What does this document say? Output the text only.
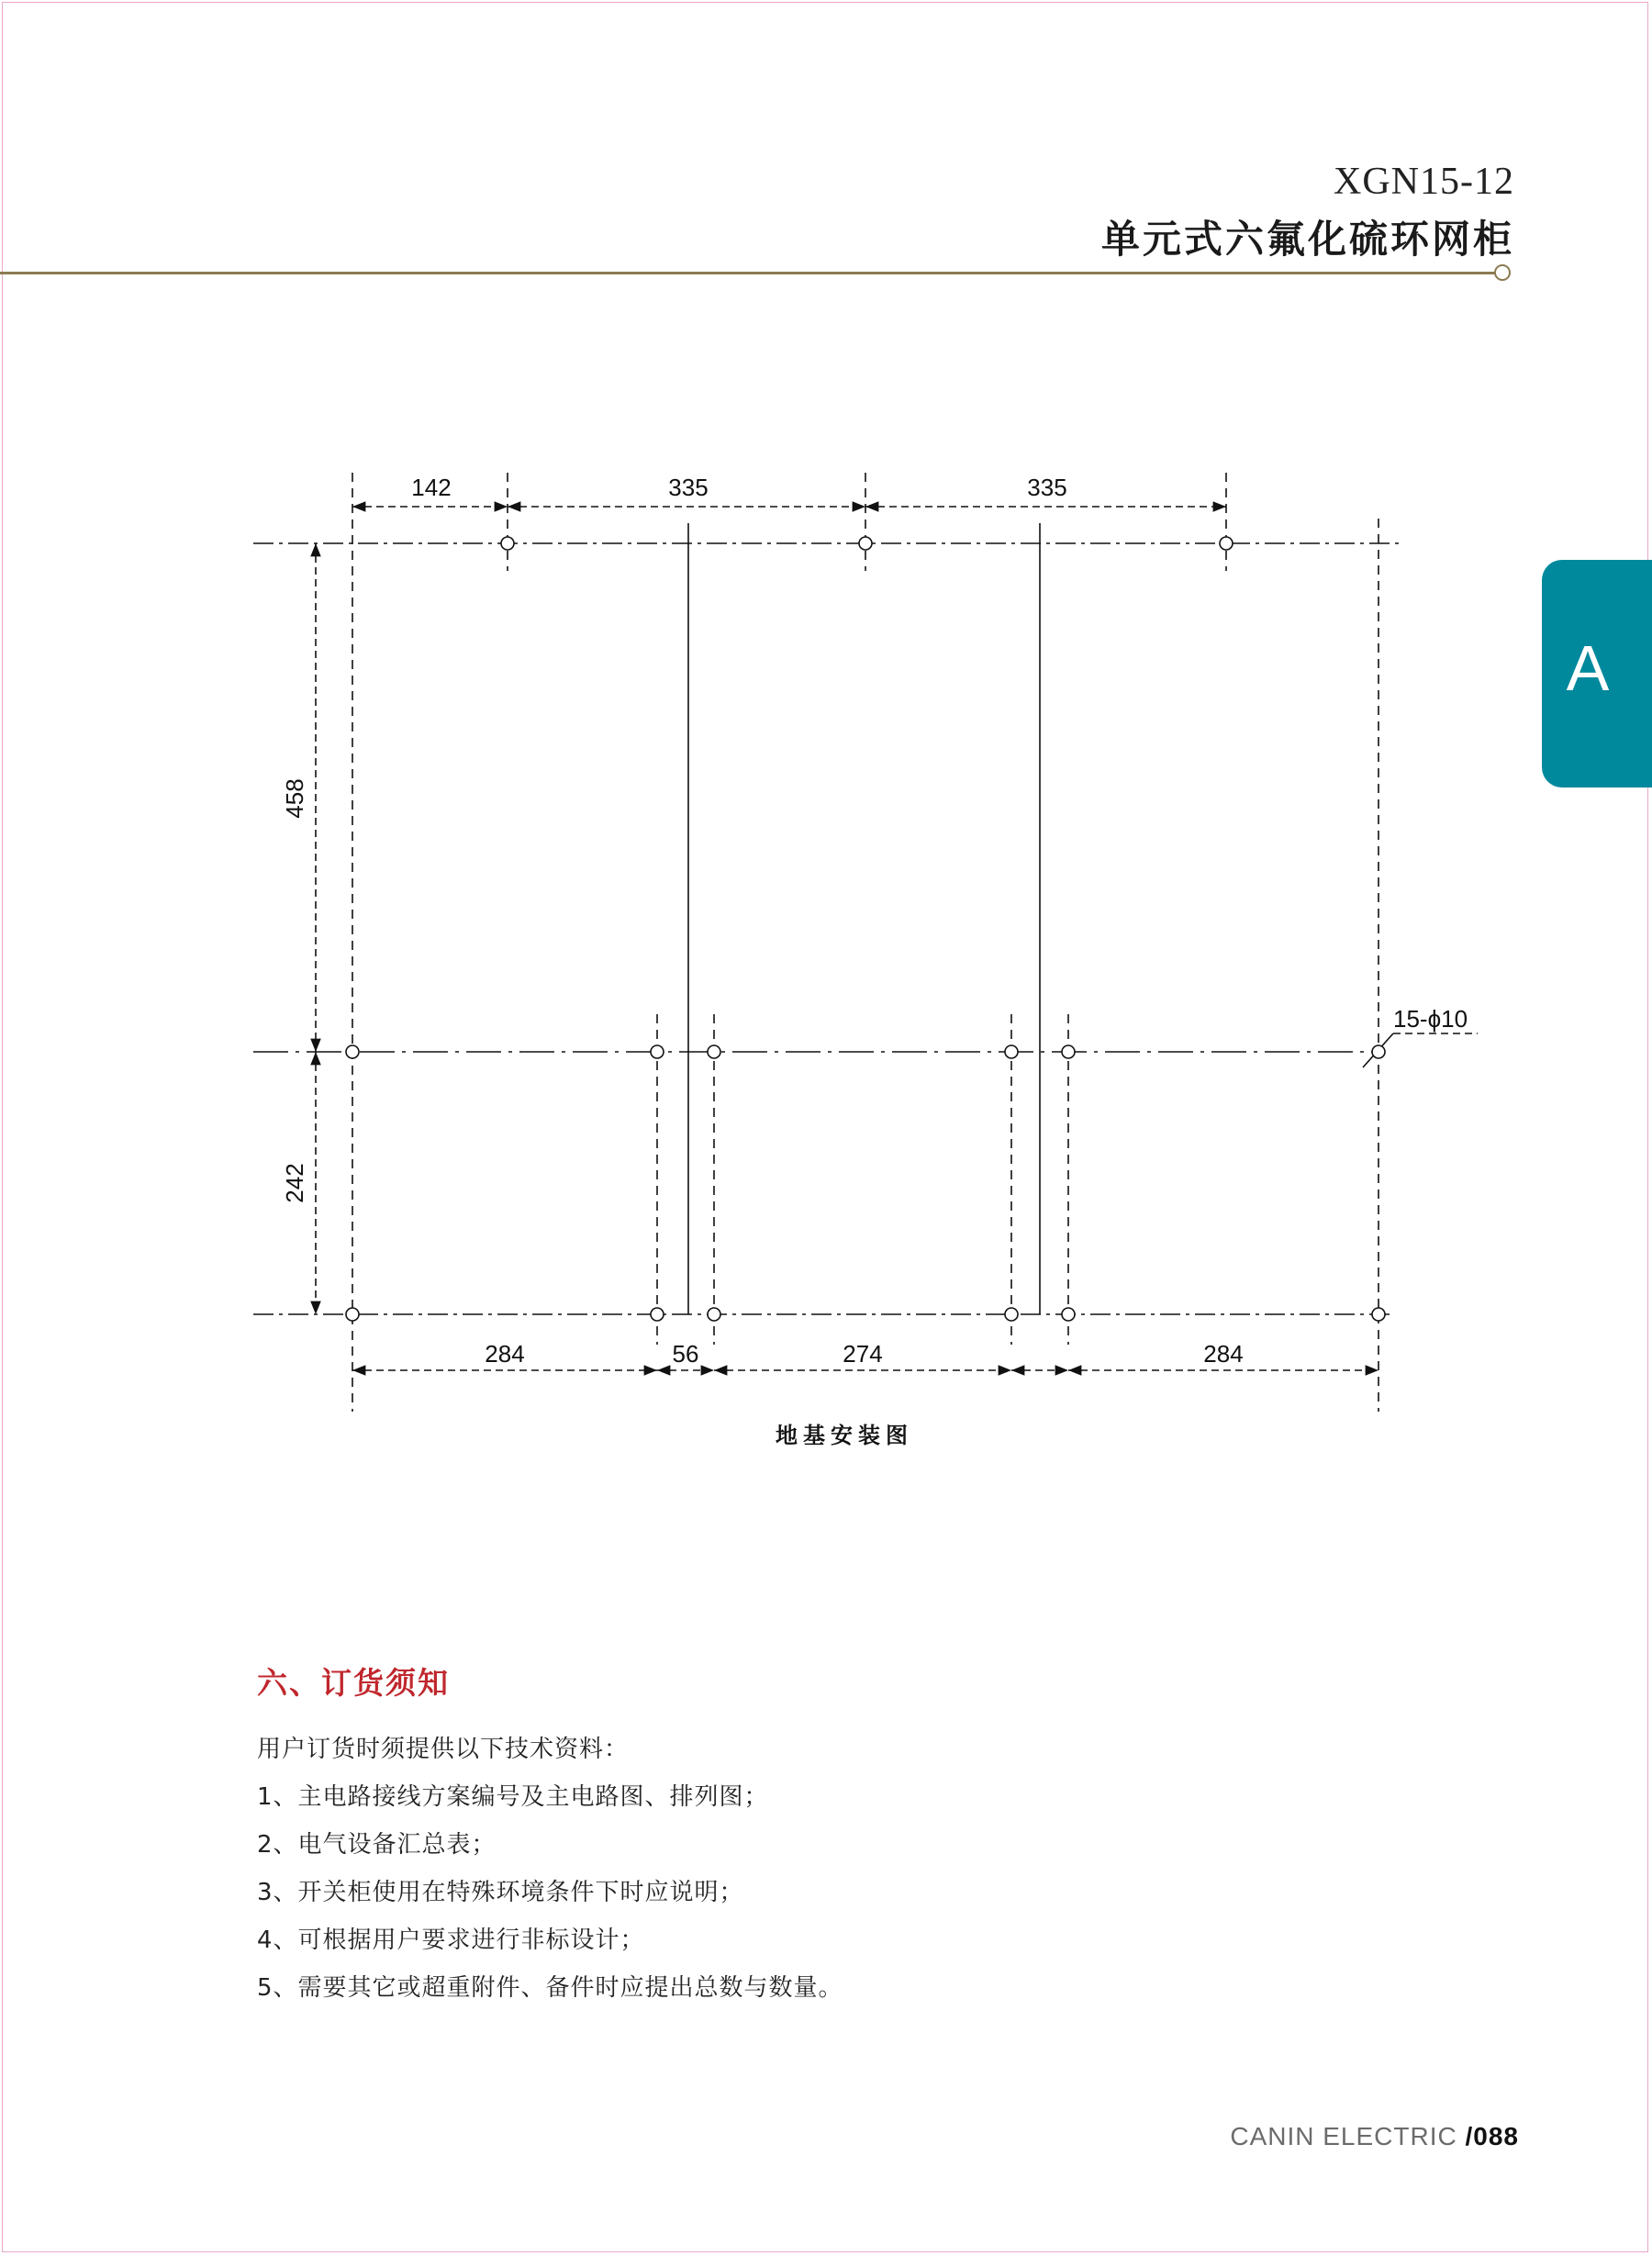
XGN15-12
单元式六氟化硫环网柜
A
142	335	335
458
242
284	56	274	284
15-ϕ10
地基安装图
六、订货须知
用户订货时须提供以下技术资料：
1、主电路接线方案编号及主电路图、排列图；
2、电气设备汇总表；
3、开关柜使用在特殊环境条件下时应说明；
4、可根据用户要求进行非标设计；
5、需要其它或超重附件、备件时应提出总数与数量。
CANIN ELECTRIC /088
